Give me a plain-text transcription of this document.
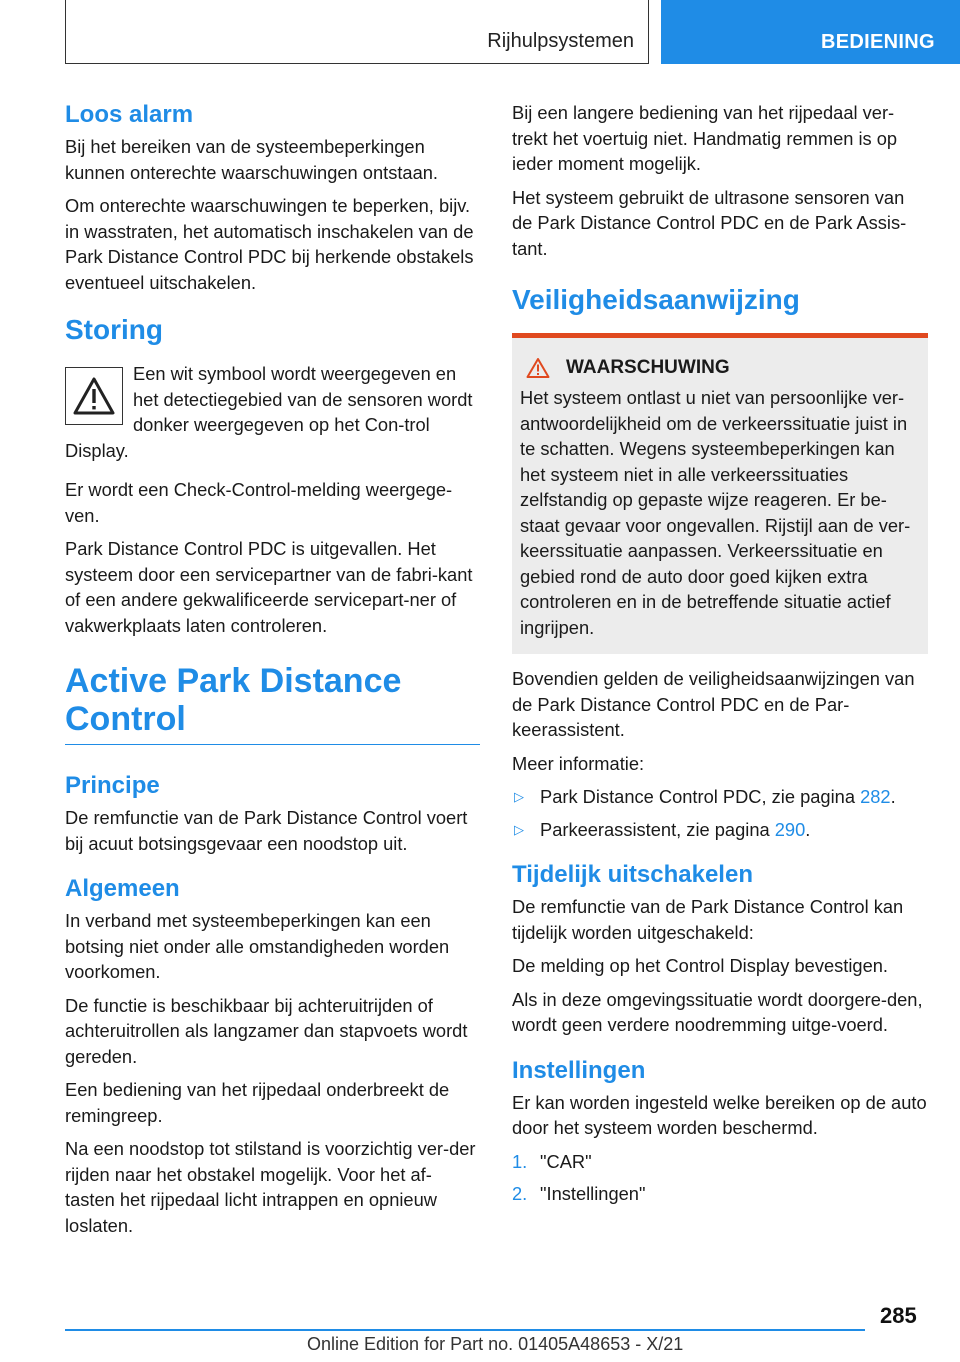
Rijhulpsystemen	BEDIENING
Loos alarm

Bij het bereiken van de systeembeperkingen kunnen onterechte waarschuwingen ontstaan.

Om onterechte waarschuwingen te beperken, bijv. in wasstraten, het automatisch inschakelen van de Park Distance Control PDC bij herkende obstakels eventueel uitschakelen.

Storing

Een wit symbool wordt weergegeven en het detectiegebied van de sensoren wordt donker weergegeven op het Con-trol Display.

Er wordt een Check-Control-melding weergege-ven.

Park Distance Control PDC is uitgevallen. Het systeem door een servicepartner van de fabri-kant of een andere gekwalificeerde servicepart-ner of vakwerkplaats laten controleren.

Active Park Distance Control
Principe

De remfunctie van de Park Distance Control voert bij acuut botsingsgevaar een noodstop uit.

Algemeen

In verband met systeembeperkingen kan een botsing niet onder alle omstandigheden worden voorkomen.

De functie is beschikbaar bij achteruitrijden of achteruitrollen als langzamer dan stapvoets wordt gereden.

Een bediening van het rijpedaal onderbreekt de remingreep.

Na een noodstop tot stilstand is voorzichtig ver-der rijden naar het obstakel mogelijk. Voor het af-tasten het rijpedaal licht intrappen en opnieuw loslaten.

Bij een langere bediening van het rijpedaal ver-trekt het voertuig niet. Handmatig remmen is op ieder moment mogelijk.

Het systeem gebruikt de ultrasone sensoren van de Park Distance Control PDC en de Park Assis-tant.

Veiligheidsaanwijzing
WAARSCHUWING

Het systeem ontlast u niet van persoonlijke ver-antwoordelijkheid om de verkeerssituatie juist in te schatten. Wegens systeembeperkingen kan het systeem niet in alle verkeerssituaties zelfstandig op gepaste wijze reageren. Er be-staat gevaar voor ongevallen. Rijstijl aan de ver-keerssituatie aanpassen. Verkeerssituatie en gebied rond de auto door goed kijken extra controleren en in de betreffende situatie actief ingrijpen.

Bovendien gelden de veiligheidsaanwijzingen van de Park Distance Control PDC en de Par-keerassistent.

Meer informatie:

▷ Park Distance Control PDC, zie pagina 282.
▷ Parkeerassistent, zie pagina 290.
Tijdelijk uitschakelen

De remfunctie van de Park Distance Control kan tijdelijk worden uitgeschakeld:

De melding op het Control Display bevestigen.

Als in deze omgevingssituatie wordt doorgere-den, wordt geen verdere noodremming uitge-voerd.

Instellingen

Er kan worden ingesteld welke bereiken op de auto door het systeem worden beschermd.

1. "CAR"
2. "Instellingen"
285
Online Edition for Part no. 01405A48653 - X/21
